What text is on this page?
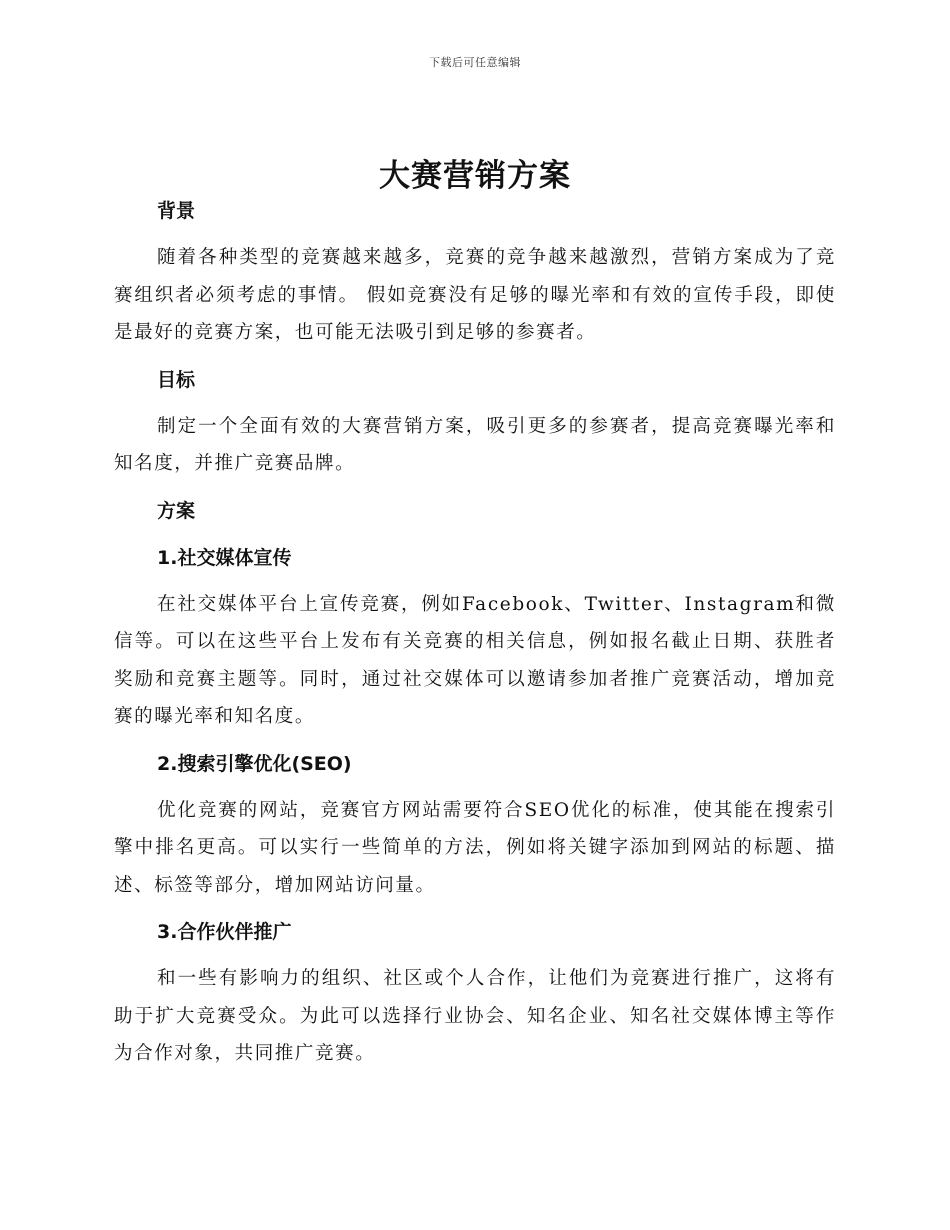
下载后可任意编辑
大赛营销方案

背景

随着各种类型的竞赛越来越多，竞赛的竞争越来越激烈，营销方案成为了竞赛组织者必须考虑的事情。 假如竞赛没有足够的曝光率和有效的宣传手段，即使是最好的竞赛方案，也可能无法吸引到足够的参赛者。

目标

制定一个全面有效的大赛营销方案，吸引更多的参赛者，提高竞赛曝光率和知名度，并推广竞赛品牌。

方案

1.社交媒体宣传

在社交媒体平台上宣传竞赛，例如Facebook、Twitter、Instagram和微信等。可以在这些平台上发布有关竞赛的相关信息，例如报名截止日期、获胜者奖励和竞赛主题等。同时，通过社交媒体可以邀请参加者推广竞赛活动，增加竞赛的曝光率和知名度。

2.搜索引擎优化(SEO)

优化竞赛的网站，竞赛官方网站需要符合SEO优化的标准，使其能在搜索引擎中排名更高。可以实行一些简单的方法，例如将关键字添加到网站的标题、描述、标签等部分，增加网站访问量。

3.合作伙伴推广

和一些有影响力的组织、社区或个人合作，让他们为竞赛进行推广，这将有助于扩大竞赛受众。为此可以选择行业协会、知名企业、知名社交媒体博主等作为合作对象，共同推广竞赛。
